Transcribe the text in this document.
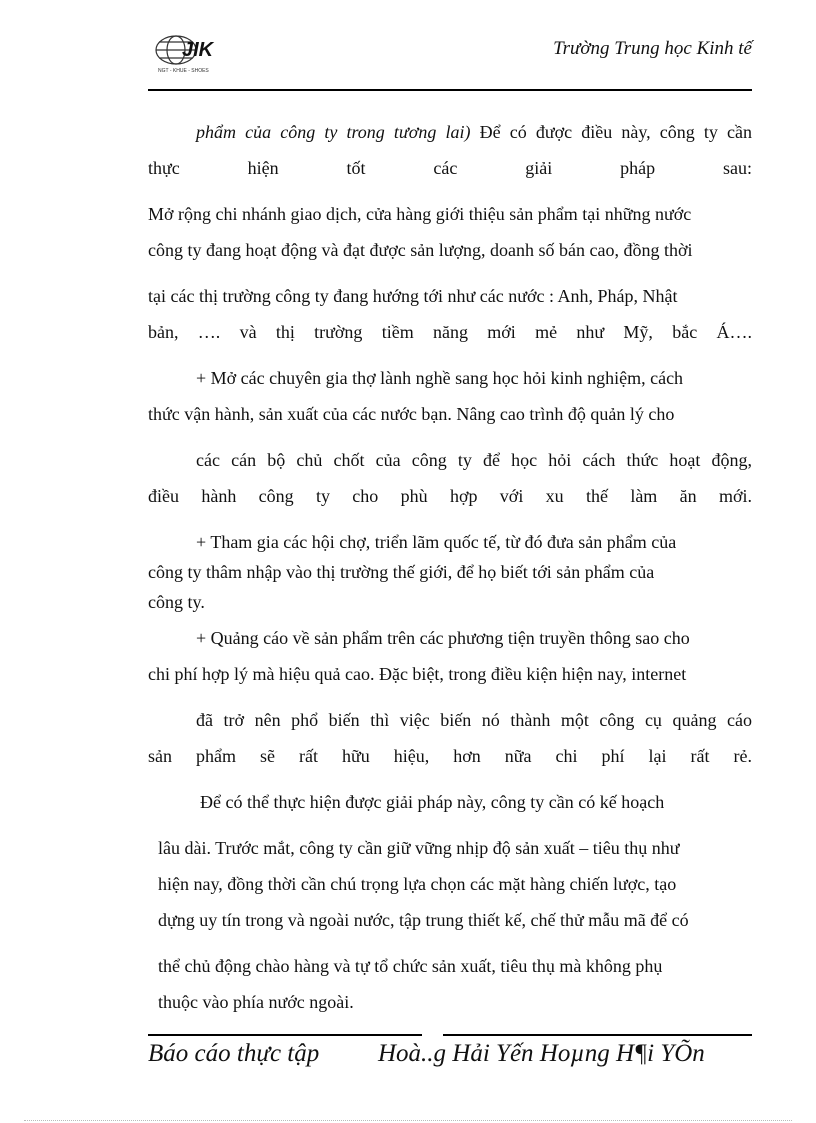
JIK
NGT - KHUE - SHOES
Trường Trung học Kinh tế
phẩm của công ty trong tương lai) Để có được điều này, công ty cần
thực hiện tốt các giải pháp sau:
Mở rộng chi nhánh giao dịch, cửa hàng giới thiệu sản phẩm tại những nước
công ty đang hoạt động và đạt được sản lượng, doanh số bán cao, đồng thời
tại các thị trường công ty đang hướng tới như các nước : Anh, Pháp, Nhật
bản, …. và thị trường tiềm năng mới mẻ như Mỹ, bắc Á….
+ Mở các chuyên gia thợ lành nghề sang học hỏi kinh nghiệm, cách
thức vận hành, sản xuất của các nước bạn. Nâng cao trình độ quản lý cho
các cán bộ chủ chốt của công ty để học hỏi cách thức hoạt động,
điều hành công ty cho phù hợp với xu thế làm ăn mới.
+ Tham gia các hội chợ, triển lãm quốc tế, từ đó đưa sản phẩm của
công ty thâm nhập vào thị trường thế giới, để họ biết tới sản phẩm của
công ty.
+ Quảng cáo về sản phẩm trên các phương tiện truyền thông sao cho
chi phí hợp lý mà hiệu quả cao. Đặc biệt, trong điều kiện hiện nay, internet
đã trở nên phổ biến thì việc biến nó thành một công cụ quảng cáo
sản phẩm sẽ rất hữu hiệu, hơn nữa chi phí lại rất rẻ.
Để có thể thực hiện được giải pháp này, công ty cần có kế hoạch
lâu dài. Trước mắt, công ty cần giữ vững nhịp độ sản xuất – tiêu thụ như
hiện nay, đồng thời cần chú trọng lựa chọn các mặt hàng chiến lược, tạo
dựng uy tín trong và ngoài nước, tập trung thiết kế, chế thử mẫu mã để có
thể chủ động chào hàng và tự tổ chức sản xuất, tiêu thụ mà không phụ
thuộc vào phía nước ngoài.
Báo cáo thực tập Hoà..g Hải Yến Hoµng H¶i YÕn
